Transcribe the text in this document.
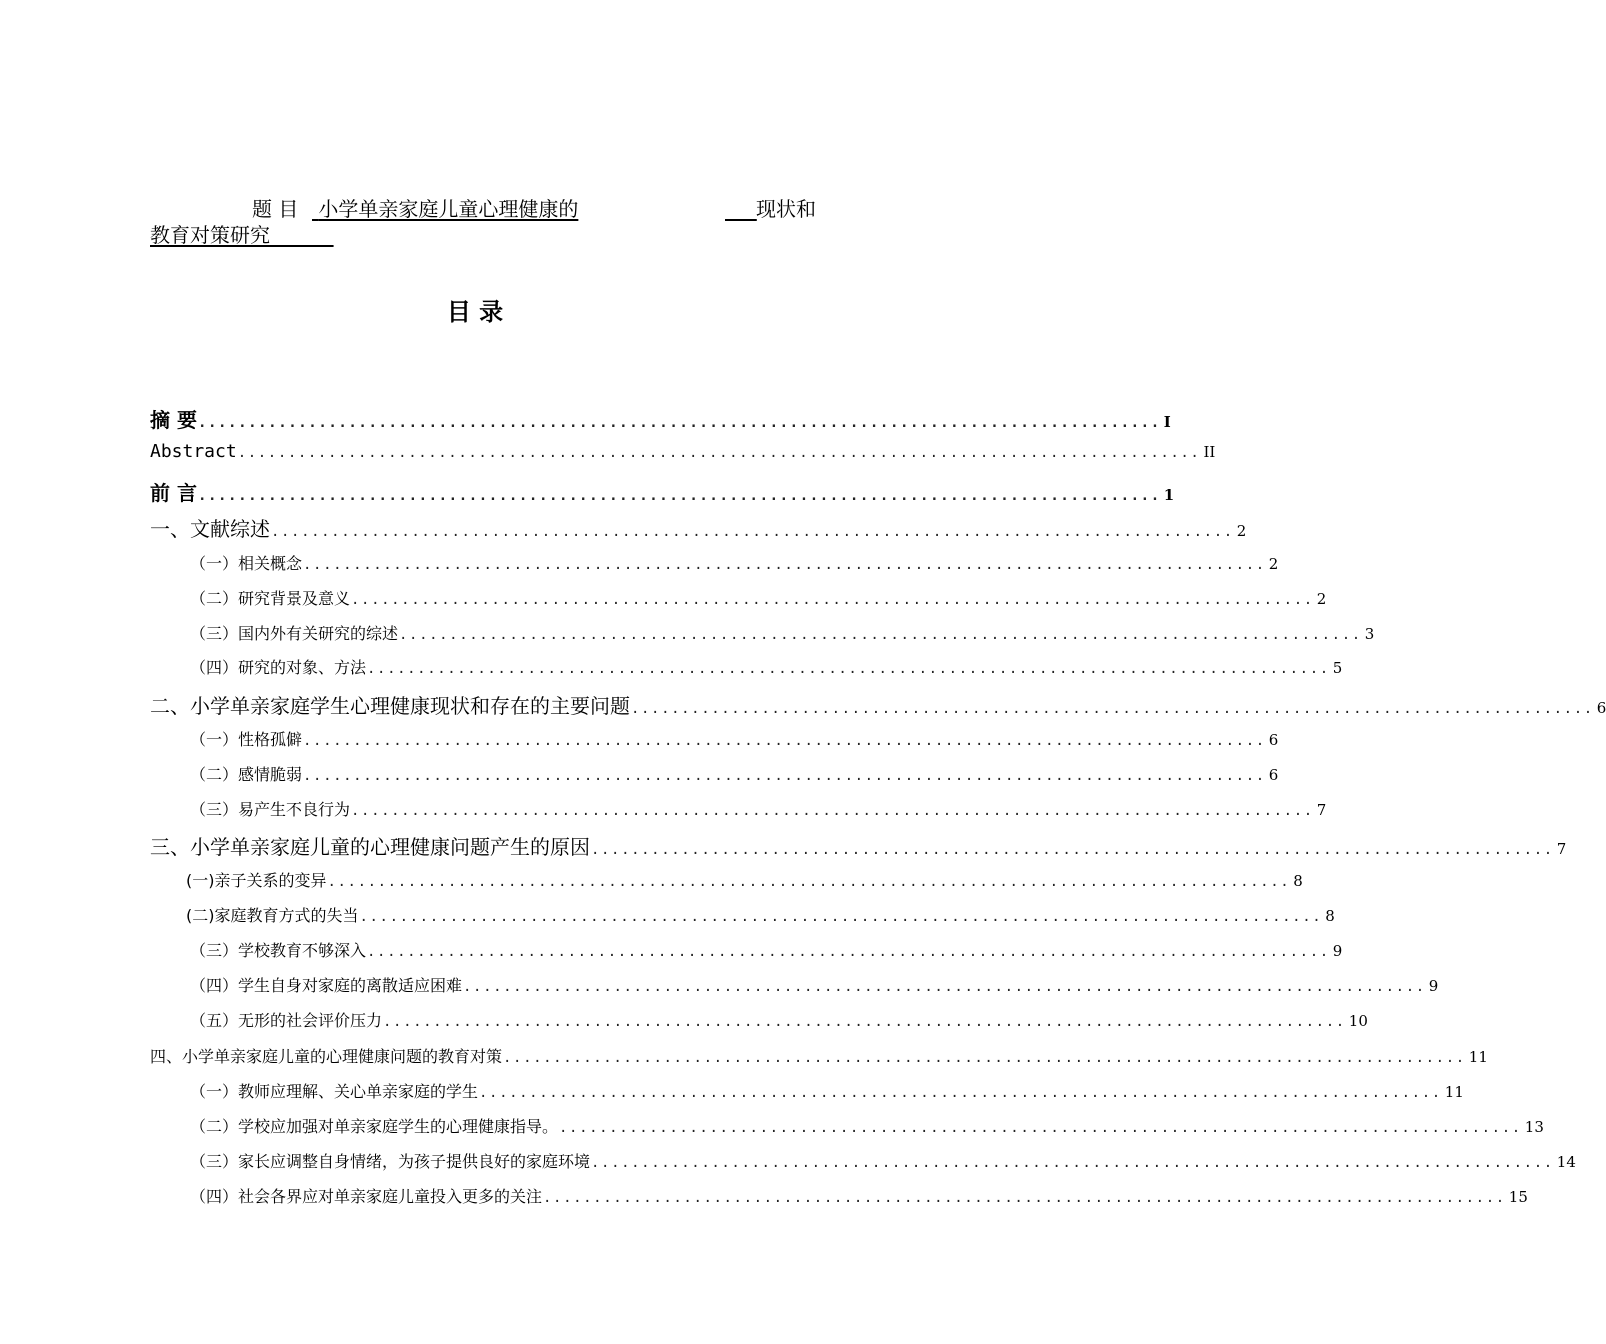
题 目	小学单亲家庭儿童心理健康的
	现状和
教育对策研究
目 录
摘 要 ................................................................................................ I
Abstract ................................................................................................ II
前 言 ................................................................................................ 1
一、文献综述 ................................................................................................ 2
（一）相关概念 ................................................................................................ 2
（二）研究背景及意义 ................................................................................................ 2
（三）国内外有关研究的综述 ................................................................................................ 3
（四）研究的对象、方法 ................................................................................................ 5
二、小学单亲家庭学生心理健康现状和存在的主要问题 ................................................................................................ 6
（一）性格孤僻 ................................................................................................ 6
（二）感情脆弱 ................................................................................................ 6
（三）易产生不良行为 ................................................................................................ 7
三、小学单亲家庭儿童的心理健康问题产生的原因 ................................................................................................ 7
(一)亲子关系的变异 ................................................................................................ 8
(二)家庭教育方式的失当 ................................................................................................ 8
（三）学校教育不够深入 ................................................................................................ 9
（四）学生自身对家庭的离散适应困难 ................................................................................................ 9
（五）无形的社会评价压力 ................................................................................................ 10
四、小学单亲家庭儿童的心理健康问题的教育对策 ................................................................................................ 11
（一）教师应理解、关心单亲家庭的学生 ................................................................................................ 11
（二）学校应加强对单亲家庭学生的心理健康指导。 ................................................................................................ 13
（三）家长应调整自身情绪，为孩子提供良好的家庭环境 ................................................................................................ 14
（四）社会各界应对单亲家庭儿童投入更多的关注 ................................................................................................ 15
